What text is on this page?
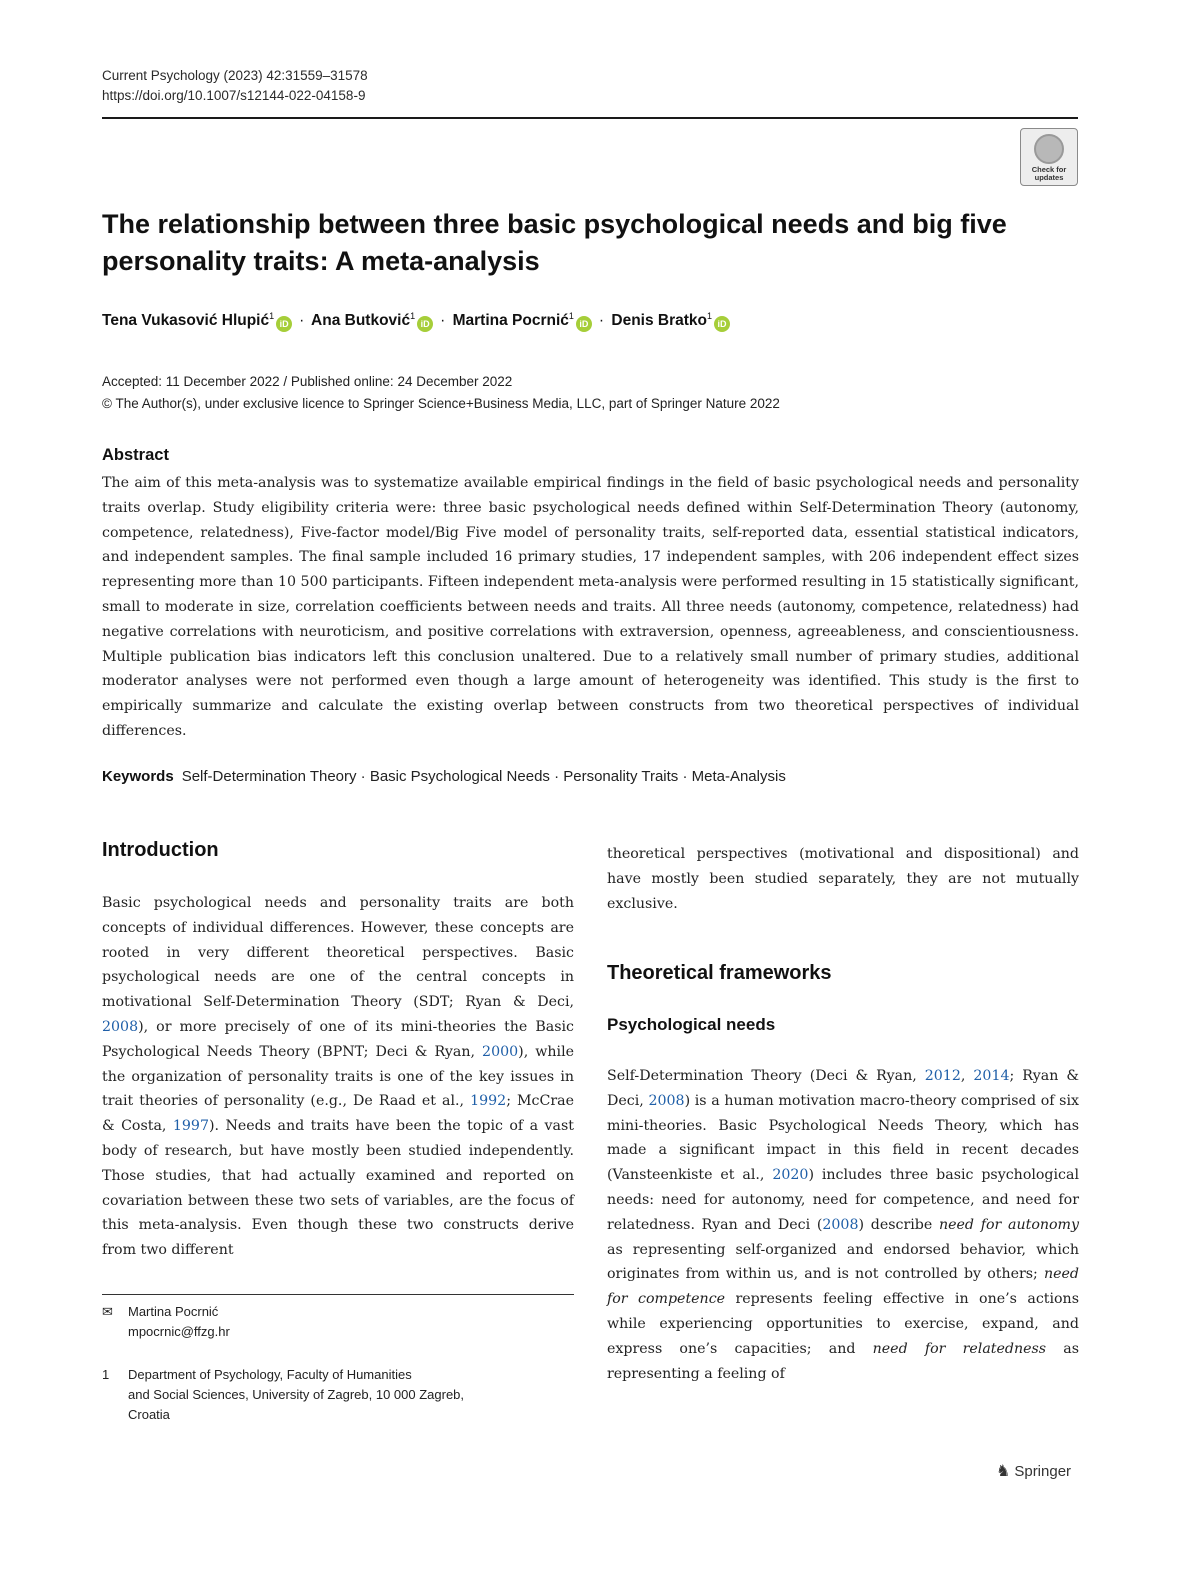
Current Psychology (2023) 42:31559–31578
https://doi.org/10.1007/s12144-022-04158-9
Check for
updates
The relationship between three basic psychological needs and big five personality traits: A meta-analysis
Tena Vukasović Hlupić$^1$iD · Ana Butković$^1$iD · Martina Pocrnić$^1$iD · Denis Bratko$^1$iD
Accepted: 11 December 2022 / Published online: 24 December 2022
© The Author(s), under exclusive licence to Springer Science+Business Media, LLC, part of Springer Nature 2022
Abstract
The aim of this meta-analysis was to systematize available empirical findings in the field of basic psychological needs and personality traits overlap. Study eligibility criteria were: three basic psychological needs defined within Self-Determination Theory (autonomy, competence, relatedness), Five-factor model/Big Five model of personality traits, self-reported data, essential statistical indicators, and independent samples. The final sample included 16 primary studies, 17 independent samples, with 206 independent effect sizes representing more than 10 500 participants. Fifteen independent meta-analysis were performed resulting in 15 statistically significant, small to moderate in size, correlation coefficients between needs and traits. All three needs (autonomy, competence, relatedness) had negative correlations with neuroticism, and positive correlations with extraversion, openness, agreeableness, and conscientiousness. Multiple publication bias indicators left this conclusion unaltered. Due to a relatively small number of primary studies, additional moderator analyses were not performed even though a large amount of heterogeneity was identified. This study is the first to empirically summarize and calculate the existing overlap between constructs from two theoretical perspectives of individual differences.
Keywords Self-Determination Theory · Basic Psychological Needs · Personality Traits · Meta-Analysis
Introduction
Basic psychological needs and personality traits are both concepts of individual differences. However, these concepts are rooted in very different theoretical perspectives. Basic psychological needs are one of the central concepts in motivational Self-Determination Theory (SDT; Ryan & Deci, 2008), or more precisely of one of its mini-theories the Basic Psychological Needs Theory (BPNT; Deci & Ryan, 2000), while the organization of personality traits is one of the key issues in trait theories of personality (e.g., De Raad et al., 1992; McCrae & Costa, 1997). Needs and traits have been the topic of a vast body of research, but have mostly been studied independently. Those studies, that had actually examined and reported on covariation between these two sets of variables, are the focus of this meta-analysis. Even though these two constructs derive from two different
theoretical perspectives (motivational and dispositional) and have mostly been studied separately, they are not mutually exclusive.
Theoretical frameworks
Psychological needs
Self-Determination Theory (Deci & Ryan, 2012, 2014; Ryan & Deci, 2008) is a human motivation macro-theory comprised of six mini-theories. Basic Psychological Needs Theory, which has made a significant impact in this field in recent decades (Vansteenkiste et al., 2020) includes three basic psychological needs: need for autonomy, need for competence, and need for relatedness. Ryan and Deci (2008) describe need for autonomy as representing self-organized and endorsed behavior, which originates from within us, and is not controlled by others; need for competence represents feeling effective in one’s actions while experiencing opportunities to exercise, expand, and express one’s capacities; and need for relatedness as representing a feeling of
✉ Martina Pocrnić
mpocrnic@ffzg.hr
1 Department of Psychology, Faculty of Humanities
and Social Sciences, University of Zagreb, 10 000 Zagreb,
Croatia
♞ Springer
